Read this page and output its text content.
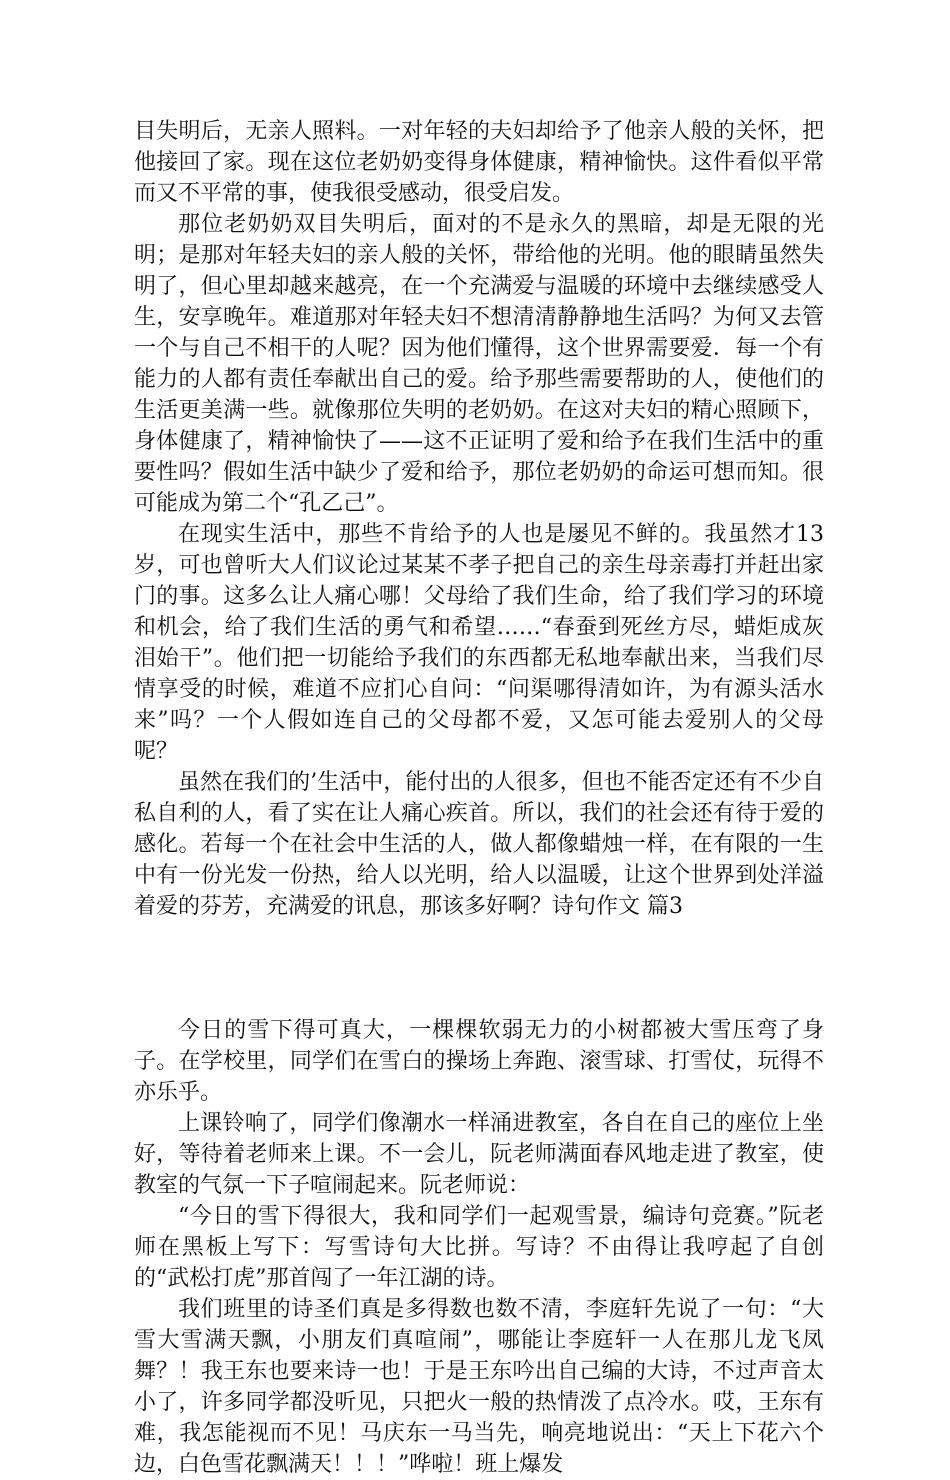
目失明后，无亲人照料。一对年轻的夫妇却给予了他亲人般的关怀，把他接回了家。现在这位老奶奶变得身体健康，精神愉快。这件看似平常而又不平常的事，使我很受感动，很受启发。

那位老奶奶双目失明后，面对的不是永久的黑暗，却是无限的光明；是那对年轻夫妇的亲人般的关怀，带给他的光明。他的眼睛虽然失明了，但心里却越来越亮，在一个充满爱与温暖的环境中去继续感受人生，安享晚年。难道那对年轻夫妇不想清清静静地生活吗？为何又去管一个与自己不相干的人呢？因为他们懂得，这个世界需要爱．每一个有能力的人都有责任奉献出自己的爱。给予那些需要帮助的人，使他们的生活更美满一些。就像那位失明的老奶奶。在这对夫妇的精心照顾下，身体健康了，精神愉快了——这不正证明了爱和给予在我们生活中的重要性吗？假如生活中缺少了爱和给予，那位老奶奶的命运可想而知。很可能成为第二个“孔乙己”。

在现实生活中，那些不肯给予的人也是屡见不鲜的。我虽然才13岁，可也曾听大人们议论过某某不孝子把自己的亲生母亲毒打并赶出家门的事。这多么让人痛心哪！父母给了我们生命，给了我们学习的环境和机会，给了我们生活的勇气和希望……“春蚕到死丝方尽，蜡炬成灰泪始干”。他们把一切能给予我们的东西都无私地奉献出来，当我们尽情享受的时候，难道不应扪心自问：“问渠哪得清如许，为有源头活水来”吗？一个人假如连自己的父母都不爱，又怎可能去爱别人的父母呢？

虽然在我们的’生活中，能付出的人很多，但也不能否定还有不少自私自利的人，看了实在让人痛心疾首。所以，我们的社会还有待于爱的感化。若每一个在社会中生活的人，做人都像蜡烛一样，在有限的一生中有一份光发一份热，给人以光明，给人以温暖，让这个世界到处洋溢着爱的芬芳，充满爱的讯息，那该多好啊？诗句作文 篇3

今日的雪下得可真大，一棵棵软弱无力的小树都被大雪压弯了身子。在学校里，同学们在雪白的操场上奔跑、滚雪球、打雪仗，玩得不亦乐乎。

上课铃响了，同学们像潮水一样涌进教室，各自在自己的座位上坐好，等待着老师来上课。不一会儿，阮老师满面春风地走进了教室，使教室的气氛一下子喧闹起来。阮老师说：

“今日的雪下得很大，我和同学们一起观雪景，编诗句竞赛。”阮老师在黑板上写下：写雪诗句大比拼。写诗？不由得让我哼起了自创的“武松打虎”那首闯了一年江湖的诗。

我们班里的诗圣们真是多得数也数不清，李庭轩先说了一句：“大雪大雪满天飘，小朋友们真喧闹”，哪能让李庭轩一人在那儿龙飞凤舞？！我王东也要来诗一也！于是王东吟出自己编的大诗，不过声音太小了，许多同学都没听见，只把火一般的热情泼了点冷水。哎，王东有难，我怎能视而不见！马庆东一马当先，响亮地说出：“天上下花六个边，白色雪花飘满天！！！”哗啦！班上爆发
